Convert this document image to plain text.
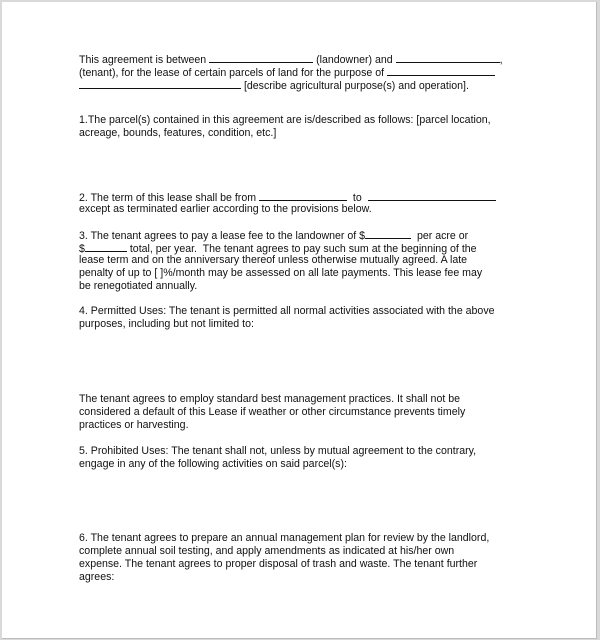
This agreement is between	(landowner) and	,
(tenant), for the lease of certain parcels of land for the purpose of
[describe agricultural purpose(s) and operation].
1.The parcel(s) contained in this agreement are is/described as follows: [parcel location,
acreage, bounds, features, condition, etc.]
2. The term of this lease shall be from	to
except as terminated earlier according to the provisions below.
3. The tenant agrees to pay a lease fee to the landowner of $	per acre or
$	total, per year.  The tenant agrees to pay such sum at the beginning of the
lease term and on the anniversary thereof unless otherwise mutually agreed. A late
penalty of up to [ ]%/month may be assessed on all late payments. This lease fee may
be renegotiated annually.
4. Permitted Uses: The tenant is permitted all normal activities associated with the above
purposes, including but not limited to:
The tenant agrees to employ standard best management practices. It shall not be
considered a default of this Lease if weather or other circumstance prevents timely
practices or harvesting.
5. Prohibited Uses: The tenant shall not, unless by mutual agreement to the contrary,
engage in any of the following activities on said parcel(s):
6. The tenant agrees to prepare an annual management plan for review by the landlord,
complete annual soil testing, and apply amendments as indicated at his/her own
expense. The tenant agrees to proper disposal of trash and waste. The tenant further
agrees:
